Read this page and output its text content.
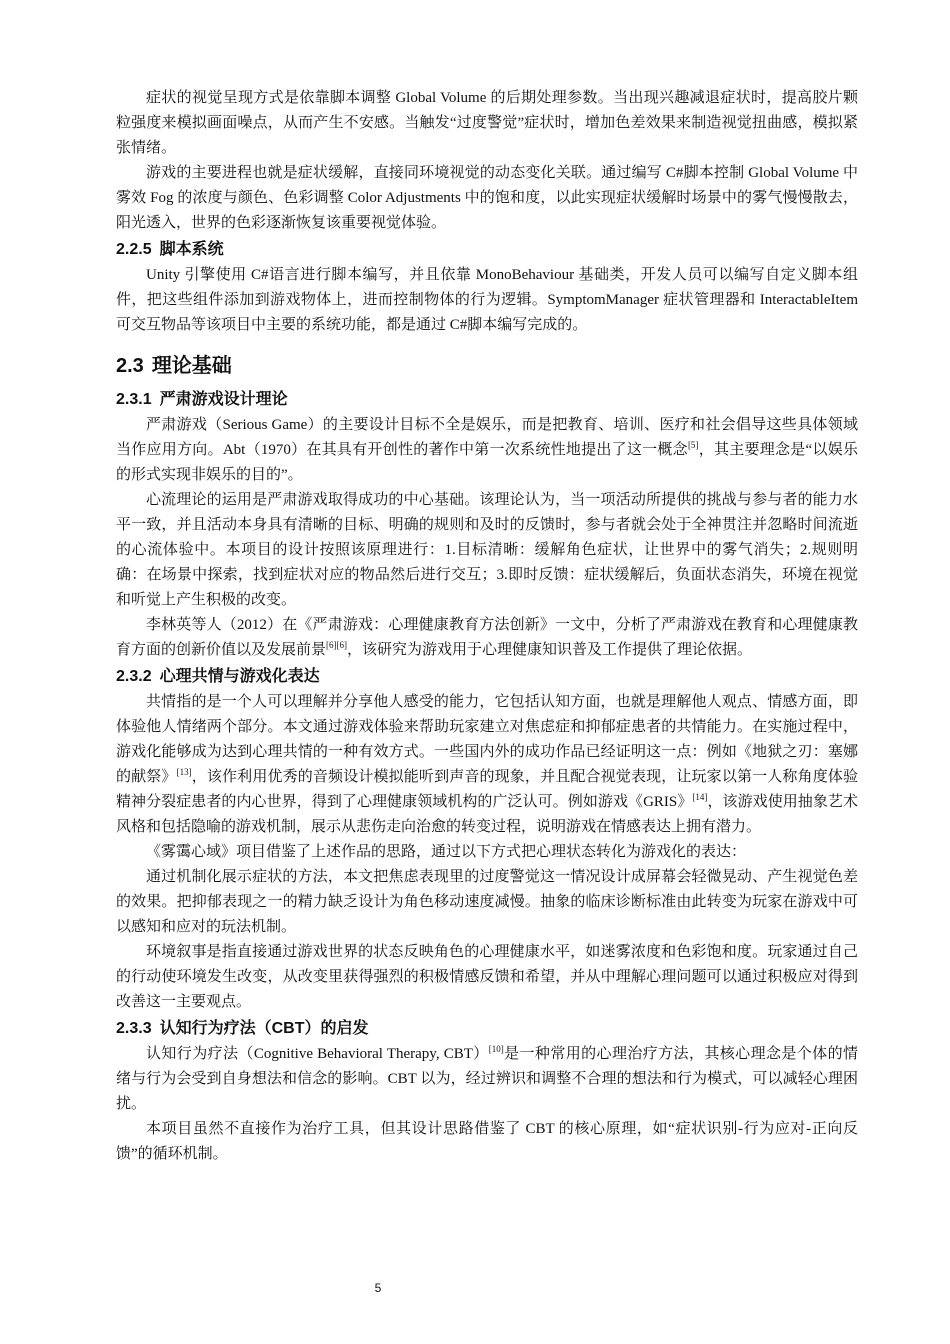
症状的视觉呈现方式是依靠脚本调整 Global Volume 的后期处理参数。当出现兴趣减退症状时，提高胶片颗粒强度来模拟画面噪点，从而产生不安感。当触发“过度警觉”症状时，增加色差效果来制造视觉扭曲感，模拟紧张情绪。

游戏的主要进程也就是症状缓解，直接同环境视觉的动态变化关联。通过编写 C#脚本控制 Global Volume 中雾效 Fog 的浓度与颜色、色彩调整 Color Adjustments 中的饱和度，以此实现症状缓解时场景中的雾气慢慢散去，阳光透入，世界的色彩逐渐恢复该重要视觉体验。

2.2.5 脚本系统

Unity 引擎使用 C#语言进行脚本编写，并且依靠 MonoBehaviour 基础类，开发人员可以编写自定义脚本组件，把这些组件添加到游戏物体上，进而控制物体的行为逻辑。SymptomManager 症状管理器和 InteractableItem 可交互物品等该项目中主要的系统功能，都是通过 C#脚本编写完成的。

2.3 理论基础
2.3.1 严肃游戏设计理论

严肃游戏（Serious Game）的主要设计目标不全是娱乐，而是把教育、培训、医疗和社会倡导这些具体领域当作应用方向。Abt（1970）在其具有开创性的著作中第一次系统性地提出了这一概念[5]，其主要理念是“以娱乐的形式实现非娱乐的目的”。

心流理论的运用是严肃游戏取得成功的中心基础。该理论认为，当一项活动所提供的挑战与参与者的能力水平一致，并且活动本身具有清晰的目标、明确的规则和及时的反馈时，参与者就会处于全神贯注并忽略时间流逝的心流体验中。本项目的设计按照该原理进行：1.目标清晰：缓解角色症状，让世界中的雾气消失；2.规则明确：在场景中探索，找到症状对应的物品然后进行交互；3.即时反馈：症状缓解后，负面状态消失，环境在视觉和听觉上产生积极的改变。

李林英等人（2012）在《严肃游戏：心理健康教育方法创新》一文中，分析了严肃游戏在教育和心理健康教育方面的创新价值以及发展前景[6][6]，该研究为游戏用于心理健康知识普及工作提供了理论依据。

2.3.2 心理共情与游戏化表达

共情指的是一个人可以理解并分享他人感受的能力，它包括认知方面，也就是理解他人观点、情感方面，即体验他人情绪两个部分。本文通过游戏体验来帮助玩家建立对焦虑症和抑郁症患者的共情能力。在实施过程中，游戏化能够成为达到心理共情的一种有效方式。一些国内外的成功作品已经证明这一点：例如《地狱之刃：塞娜的献祭》[13]，该作利用优秀的音频设计模拟能听到声音的现象，并且配合视觉表现，让玩家以第一人称角度体验精神分裂症患者的内心世界，得到了心理健康领域机构的广泛认可。例如游戏《GRIS》[14]，该游戏使用抽象艺术风格和包括隐喻的游戏机制，展示从悲伤走向治愈的转变过程，说明游戏在情感表达上拥有潜力。

《雾霭心域》项目借鉴了上述作品的思路，通过以下方式把心理状态转化为游戏化的表达：

通过机制化展示症状的方法，本文把焦虑表现里的过度警觉这一情况设计成屏幕会轻微晃动、产生视觉色差的效果。把抑郁表现之一的精力缺乏设计为角色移动速度减慢。抽象的临床诊断标准由此转变为玩家在游戏中可以感知和应对的玩法机制。

环境叙事是指直接通过游戏世界的状态反映角色的心理健康水平，如迷雾浓度和色彩饱和度。玩家通过自己的行动使环境发生改变，从改变里获得强烈的积极情感反馈和希望，并从中理解心理问题可以通过积极应对得到改善这一主要观点。

2.3.3 认知行为疗法（CBT）的启发

认知行为疗法（Cognitive Behavioral Therapy, CBT）[10]是一种常用的心理治疗方法，其核心理念是个体的情绪与行为会受到自身想法和信念的影响。CBT 以为，经过辨识和调整不合理的想法和行为模式，可以减轻心理困扰。

本项目虽然不直接作为治疗工具，但其设计思路借鉴了 CBT 的核心原理，如“症状识别-行为应对-正向反馈”的循环机制。

5
